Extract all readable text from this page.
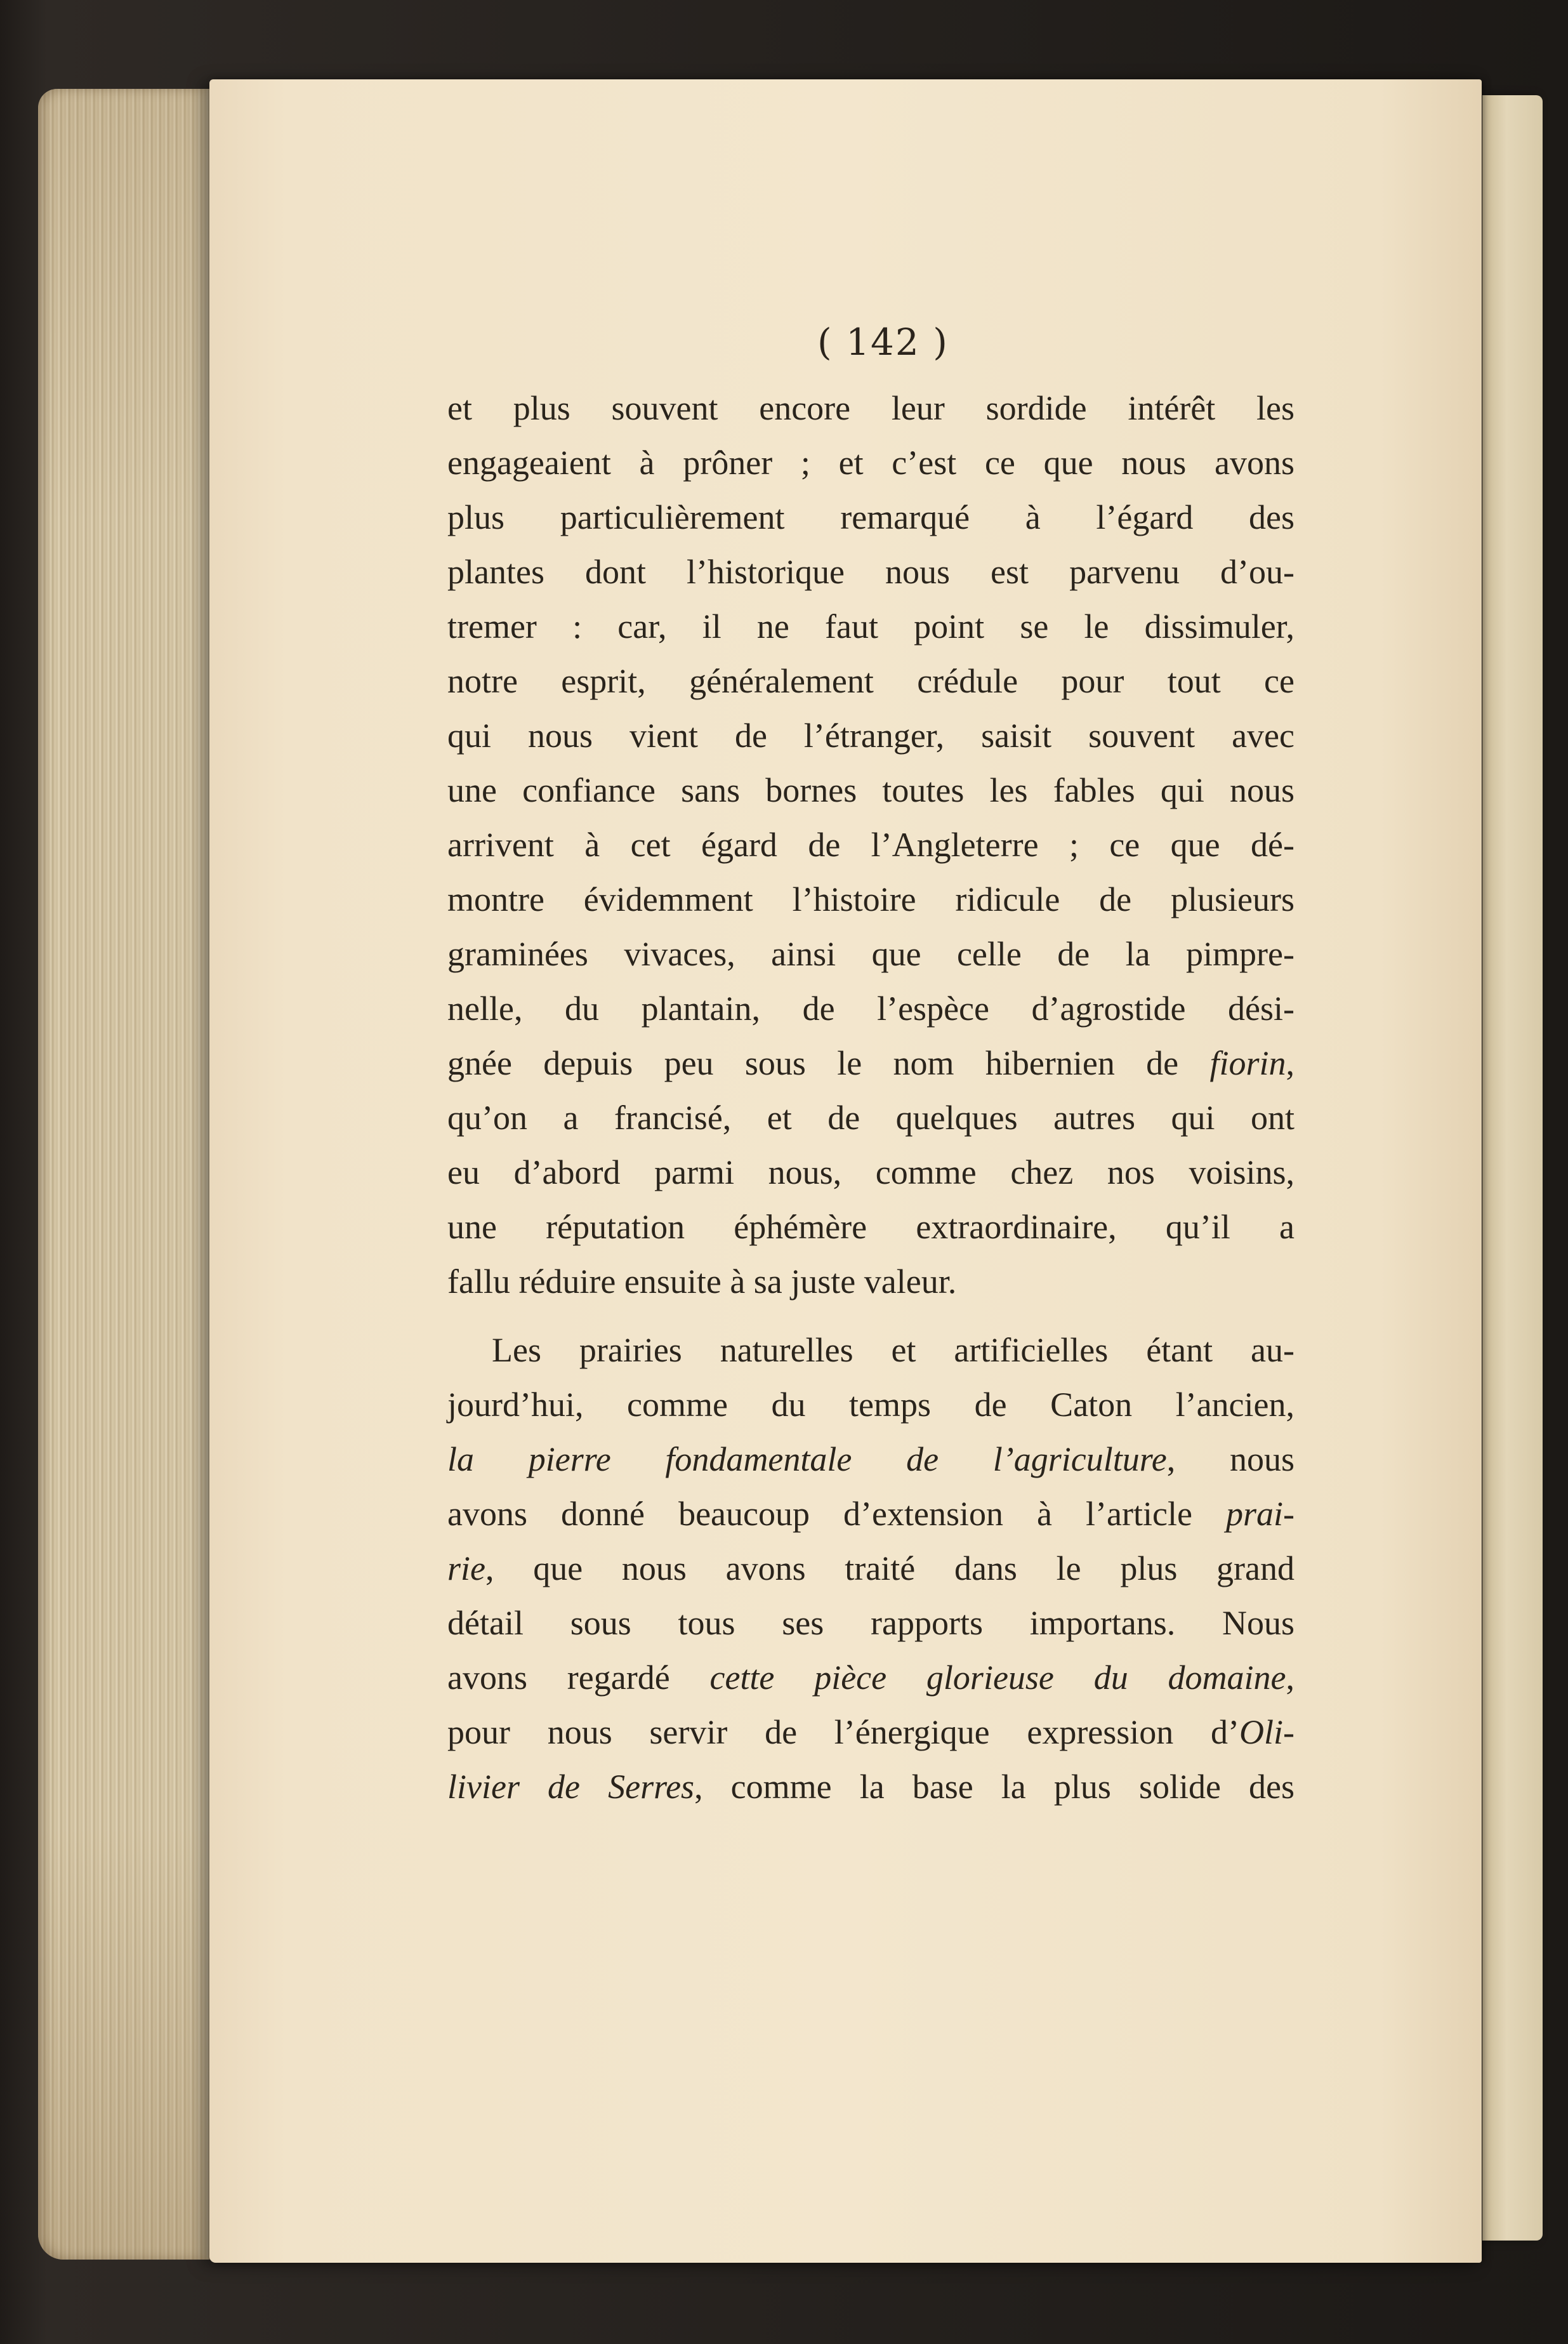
( 142 )
et plus souvent encore leur sordide intérêt les
engageaient à prôner ; et c’est ce que nous avons
plus particulièrement remarqué à l’égard des
plantes dont l’historique nous est parvenu d’ou-
tremer : car, il ne faut point se le dissimuler,
notre esprit, généralement crédule pour tout ce
qui nous vient de l’étranger, saisit souvent avec
une confiance sans bornes toutes les fables qui nous
arrivent à cet égard de l’Angleterre ; ce que dé-
montre évidemment l’histoire ridicule de plusieurs
graminées vivaces, ainsi que celle de la pimpre-
nelle, du plantain, de l’espèce d’agrostide dési-
gnée depuis peu sous le nom hibernien de fiorin,
qu’on a francisé, et de quelques autres qui ont
eu d’abord parmi nous, comme chez nos voisins,
une réputation éphémère extraordinaire, qu’il a
fallu réduire ensuite à sa juste valeur.
Les prairies naturelles et artificielles étant au-
jourd’hui, comme du temps de Caton l’ancien,
la pierre fondamentale de l’agriculture, nous
avons donné beaucoup d’extension à l’article prai-
rie, que nous avons traité dans le plus grand
détail sous tous ses rapports importans. Nous
avons regardé cette pièce glorieuse du domaine,
pour nous servir de l’énergique expression d’Oli-
livier de Serres, comme la base la plus solide des
